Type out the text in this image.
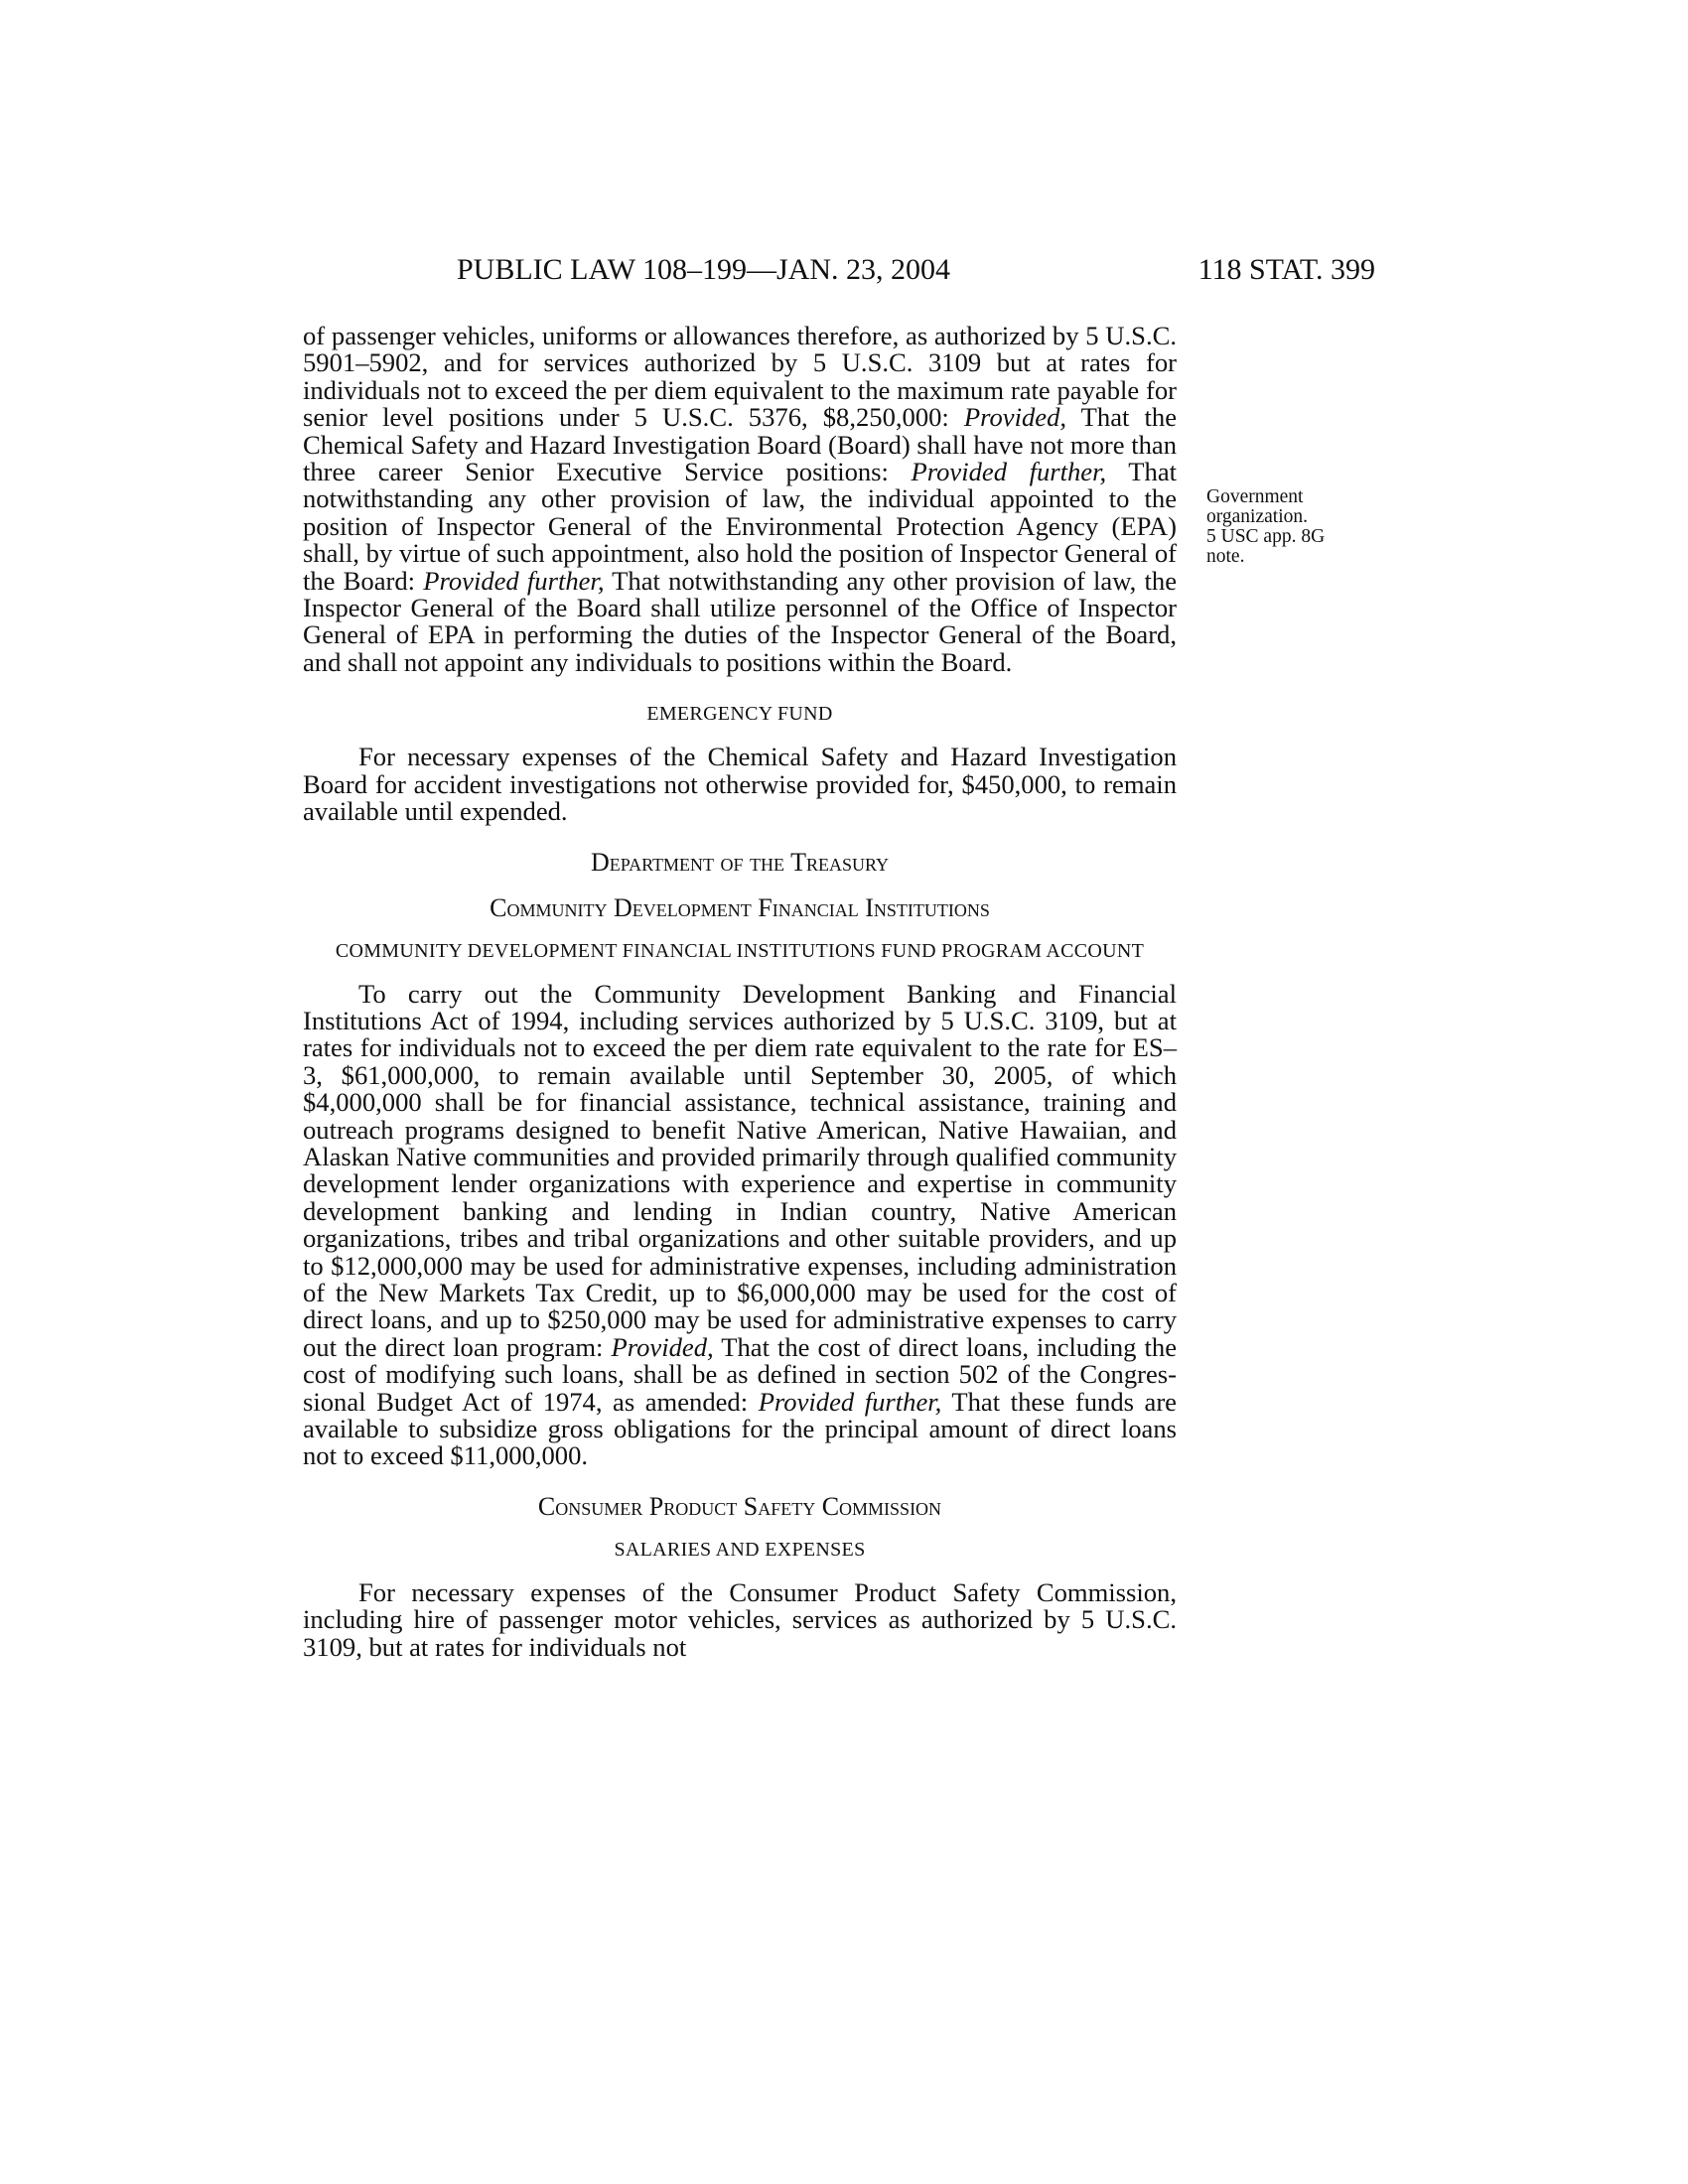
PUBLIC LAW 108–199—JAN. 23, 2004	118 STAT. 399
Government
organization.
5 USC app. 8G
note.

of passenger vehicles, uniforms or allowances therefore, as authorized by 5 U.S.C. 5901–5902, and for services authorized by 5 U.S.C. 3109 but at rates for individuals not to exceed the per diem equivalent to the maximum rate payable for senior level positions under 5 U.S.C. 5376, $8,250,000: Provided, That the Chemical Safety and Hazard Investigation Board (Board) shall have not more than three career Senior Executive Service positions: Provided further, That notwithstanding any other provision of law, the individual appointed to the position of Inspector General of the Environmental Protection Agency (EPA) shall, by virtue of such appointment, also hold the position of Inspector General of the Board: Provided further, That notwithstanding any other provision of law, the Inspector General of the Board shall utilize personnel of the Office of Inspector General of EPA in performing the duties of the Inspector General of the Board, and shall not appoint any individuals to positions within the Board.

EMERGENCY FUND

For necessary expenses of the Chemical Safety and Hazard Investigation Board for accident investigations not otherwise provided for, $450,000, to remain available until expended.

Department of the Treasury
Community Development Financial Institutions
COMMUNITY DEVELOPMENT FINANCIAL INSTITUTIONS FUND PROGRAM ACCOUNT

To carry out the Community Development Banking and Financial Institutions Act of 1994, including services authorized by 5 U.S.C. 3109, but at rates for individuals not to exceed the per diem rate equivalent to the rate for ES–3, $61,000,000, to remain available until September 30, 2005, of which $4,000,000 shall be for financial assistance, technical assistance, training and outreach programs designed to benefit Native American, Native Hawaiian, and Alaskan Native communities and provided primarily through qualified community development lender organizations with experience and expertise in community development banking and lending in Indian country, Native American organizations, tribes and tribal organizations and other suitable providers, and up to $12,000,000 may be used for administrative expenses, including administration of the New Markets Tax Credit, up to $6,000,000 may be used for the cost of direct loans, and up to $250,000 may be used for administrative expenses to carry out the direct loan program: Provided, That the cost of direct loans, including the cost of modifying such loans, shall be as defined in section 502 of the Congressional Budget Act of 1974, as amended: Provided further, That these funds are available to subsidize gross obligations for the principal amount of direct loans not to exceed $11,000,000.

Consumer Product Safety Commission
SALARIES AND EXPENSES

For necessary expenses of the Consumer Product Safety Commission, including hire of passenger motor vehicles, services as authorized by 5 U.S.C. 3109, but at rates for individuals not
